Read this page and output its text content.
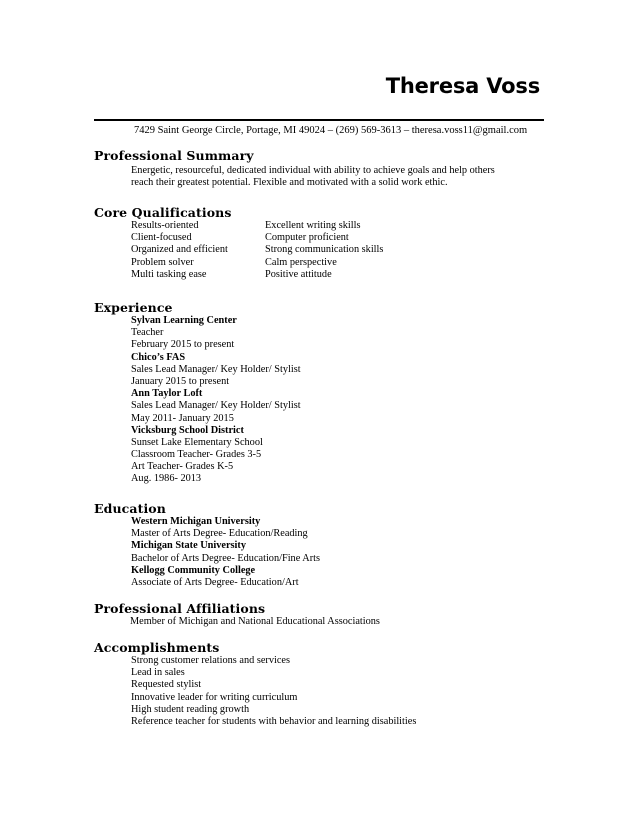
Theresa Voss
7429 Saint George Circle, Portage, MI 49024 – (269) 569-3613 – theresa.voss11@gmail.com
Professional Summary
Energetic, resourceful, dedicated individual with ability to achieve goals and help others
reach their greatest potential. Flexible and motivated with a solid work ethic.
Core Qualifications
Results-oriented
Client-focused
Organized and efficient
Problem solver
Multi tasking ease
Excellent writing skills
Computer proficient
Strong communication skills
Calm perspective
Positive attitude
Experience
Sylvan Learning Center
Teacher
February 2015 to present
Chico’s FAS
Sales Lead Manager/ Key Holder/ Stylist
January 2015 to present
Ann Taylor Loft
Sales Lead Manager/ Key Holder/ Stylist
May 2011- January 2015
Vicksburg School District
Sunset Lake Elementary School
Classroom Teacher- Grades 3-5
Art Teacher- Grades K-5
Aug. 1986- 2013
Education
Western Michigan University
Master of Arts Degree- Education/Reading
Michigan State University
Bachelor of Arts Degree- Education/Fine Arts
Kellogg Community College
Associate of Arts Degree- Education/Art
Professional Affiliations
Member of Michigan and National Educational Associations
Accomplishments
Strong customer relations and services
Lead in sales
Requested stylist
Innovative leader for writing curriculum
High student reading growth
Reference teacher for students with behavior and learning disabilities
